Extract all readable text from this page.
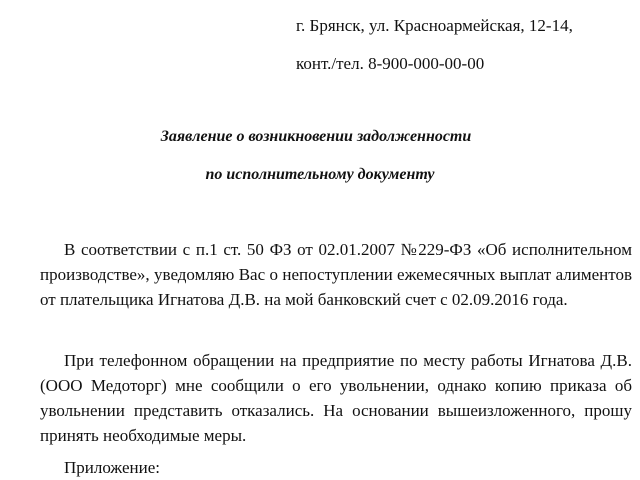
г. Брянск, ул. Красноармейская, 12-14,
конт./тел. 8-900-000-00-00
Заявление о возникновении задолженности
по исполнительному документу

В соответствии с п.1 ст. 50 ФЗ от 02.01.2007 №229-ФЗ «Об исполнительном производстве», уведомляю Вас о непоступлении ежемесячных выплат алиментов от плательщика Игнатова Д.В. на мой банковский счет с 02.09.2016 года.

При телефонном обращении на предприятие по месту работы Игнатова Д.В. (ООО Медоторг) мне сообщили о его увольнении, однако копию приказа об увольнении представить отказались. На основании вышеизложенного, прошу принять необходимые меры.

Приложение:
